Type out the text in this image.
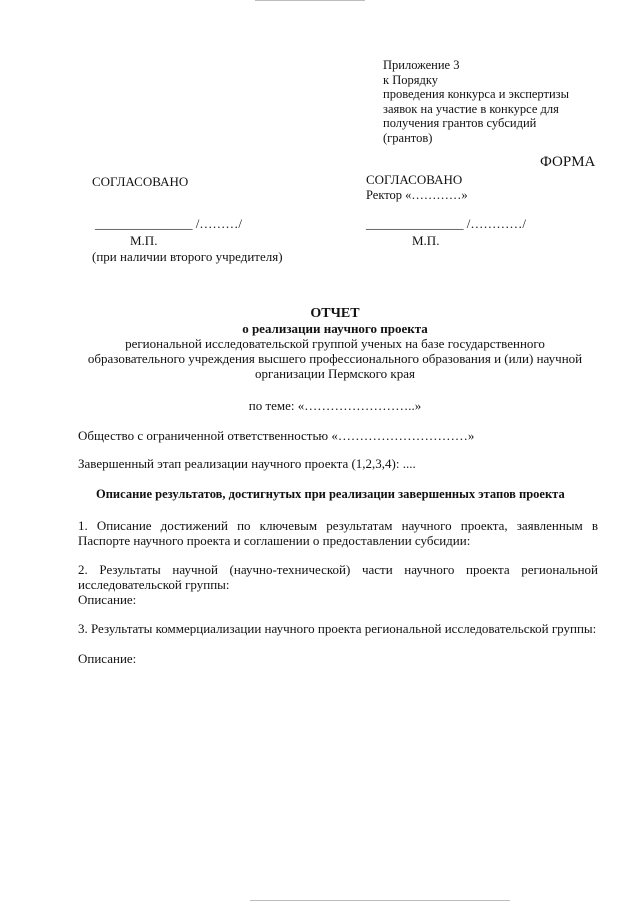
Приложение 3
к Порядку
проведения конкурса и экспертизы
заявок на участие в конкурсе для
получения грантов субсидий
(грантов)
ФОРМА
СОГЛАСОВАНО
_______________ /………/
М.П.
(при наличии второго учредителя)
СОГЛАСОВАНО
Ректор «…………»
_______________ /…………/
М.П.
ОТЧЕТ
о реализации научного проекта
региональной исследовательской группой ученых на базе государственного
образовательного учреждения высшего профессионального образования и (или) научной
организации Пермского края
по теме: «……………………..»
Общество с ограниченной ответственностью «…………………………»
Завершенный этап реализации научного проекта (1,2,3,4): ....
Описание результатов, достигнутых при реализации завершенных этапов проекта
1. Описание достижений по ключевым результатам научного проекта, заявленным в Паспорте научного проекта и соглашении о предоставлении субсидии:
2. Результаты научной (научно-технической) части научного проекта региональной исследовательской группы:
Описание:
3. Результаты коммерциализации научного проекта региональной исследовательской группы:
Описание:
